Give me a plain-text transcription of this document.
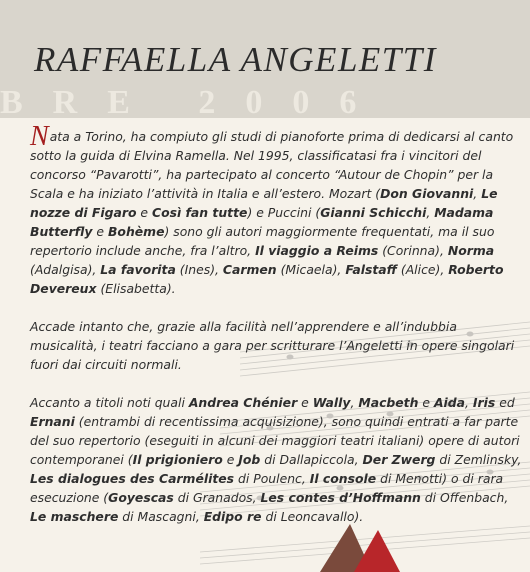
BRE 2006
RAFFAELLA ANGELETTI

Nata a Torino, ha compiuto gli studi di pianoforte prima di dedicarsi al canto sotto la guida di Elvina Ramella. Nel 1995, classificatasi fra i vincitori del concorso “Pavarotti”, ha partecipato al concerto “Autour de Chopin” per la Scala e ha iniziato l’attività in Italia e all’estero. Mozart (Don Giovanni, Le nozze di Figaro e Così fan tutte) e Puccini (Gianni Schicchi, Madama Butterfly e Bohème) sono gli autori maggiormente frequentati, ma il suo repertorio include anche, fra l’altro, Il viaggio a Reims (Corinna), Norma (Adalgisa), La favorita (Ines), Carmen (Micaela), Falstaff (Alice), Roberto Devereux (Elisabetta).

Accade intanto che, grazie alla facilità nell’apprendere e all’indubbia musicalità, i teatri facciano a gara per scritturare l’Angeletti in opere singolari fuori dai circuiti normali.

Accanto a titoli noti quali Andrea Chénier e Wally, Macbeth e Aida, Iris ed Ernani (entrambi di recentissima acquisizione), sono quindi entrati a far parte del suo repertorio (eseguiti in alcuni dei maggiori teatri italiani) opere di autori contemporanei (Il prigioniero e Job di Dallapiccola, Der Zwerg di Zemlinsky, Les dialogues des Carmélites di Poulenc, Il console di Menotti) o di rara esecuzione (Goyescas di Granados, Les contes d’Hoffmann di Offenbach, Le maschere di Mascagni, Edipo re di Leoncavallo).
